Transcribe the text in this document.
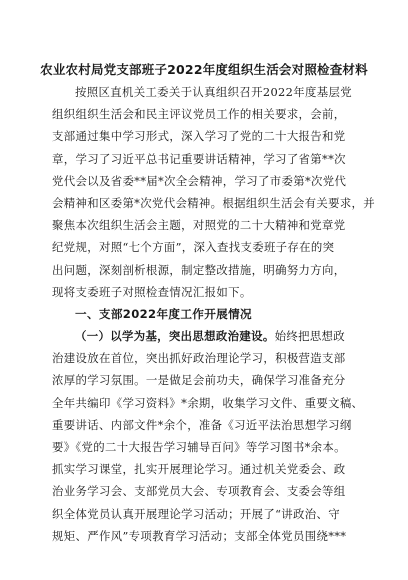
农业农村局党支部班子2022年度组织生活会对照检查材料
按照区直机关工委关于认真组织召开2022年度基层党
组织组织生活会和民主评议党员工作的相关要求，会前，
支部通过集中学习形式，深入学习了党的二十大报告和党
章，学习了习近平总书记重要讲话精神，学习了省第**次
党代会以及省委**届*次全会精神，学习了市委第*次党代
会精神和区委第*次党代会精神。根据组织生活会有关要求，并
聚焦本次组织生活会主题，对照党的二十大精神和党章党
纪党规，对照“七个方面”，深入查找支委班子存在的突
出问题，深刻剖析根源，制定整改措施，明确努力方向，
现将支委班子对照检查情况汇报如下。
一、支部2022年度工作开展情况
（一）以学为基，突出思想政治建设。始终把思想政
治建设放在首位，突出抓好政治理论学习，积极营造支部
浓厚的学习氛围。一是做足会前功夫，确保学习准备充分
全年共编印《学习资料》*余期，收集学习文件、重要文稿、
重要讲话、内部文件*余个，准备《习近平法治思想学习纲
要》《党的二十大报告学习辅导百问》等学习图书*余本。
抓实学习课堂，扎实开展理论学习。通过机关党委会、政
治业务学习会、支部党员大会、专项教育会、支委会等组
织全体党员认真开展理论学习活动；开展了“讲政治、守
规矩、严作风”专项教育学习活动；支部全体党员围绕***
